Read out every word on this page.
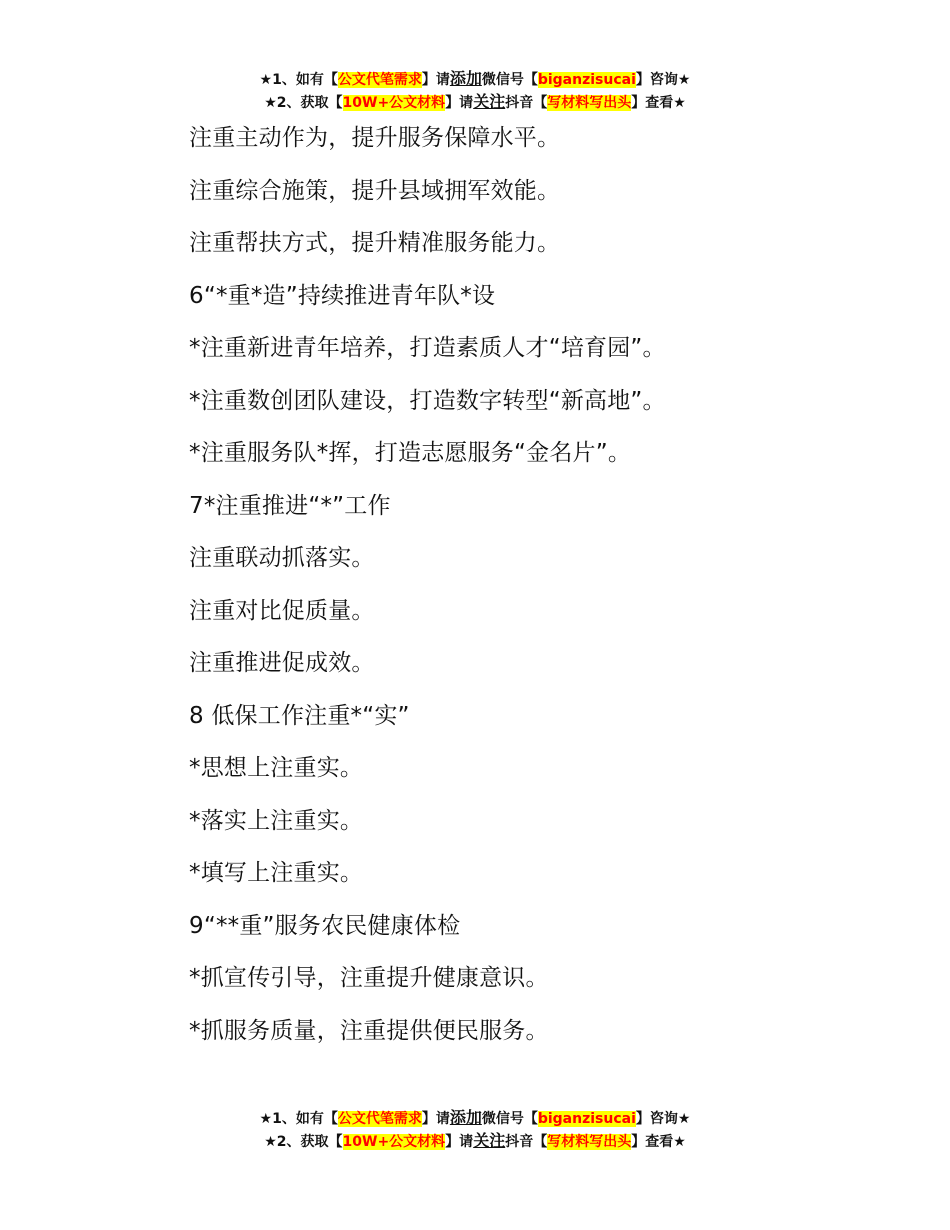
★1、如有【公文代笔需求】请添加微信号【biganzisucai】咨询★
★2、获取【10W+公文材料】请关注抖音【写材料写出头】查看★
注重主动作为，提升服务保障水平。
注重综合施策，提升县域拥军效能。
注重帮扶方式，提升精准服务能力。
6“*重*造”持续推进青年队*设
*注重新进青年培养，打造素质人才“培育园”。
*注重数创团队建设，打造数字转型“新高地”。
*注重服务队*挥，打造志愿服务“金名片”。
7*注重推进“*”工作
注重联动抓落实。
注重对比促质量。
注重推进促成效。
8 低保工作注重*“实”
*思想上注重实。
*落实上注重实。
*填写上注重实。
9“**重”服务农民健康体检
*抓宣传引导，注重提升健康意识。
*抓服务质量，注重提供便民服务。
★1、如有【公文代笔需求】请添加微信号【biganzisucai】咨询★
★2、获取【10W+公文材料】请关注抖音【写材料写出头】查看★
